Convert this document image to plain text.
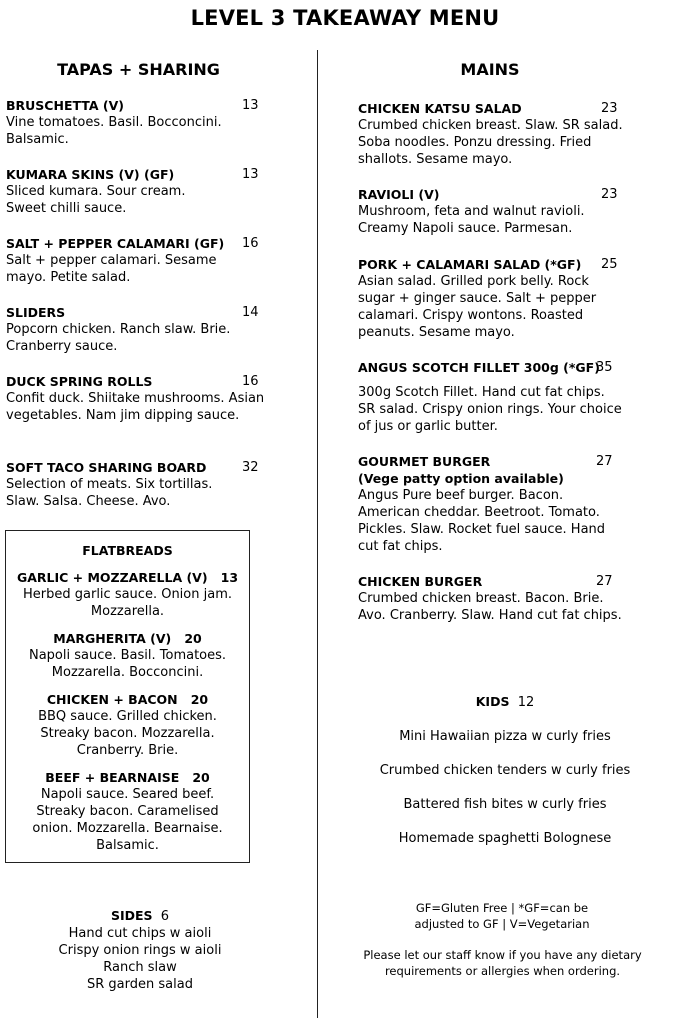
LEVEL 3 TAKEAWAY MENU
TAPAS + SHARING
BRUSCHETTA (V)	13
Vine tomatoes. Basil. Bocconcini. Balsamic.
KUMARA SKINS (V) (GF)	13
Sliced kumara. Sour cream. Sweet chilli sauce.
SALT + PEPPER CALAMARI (GF)	16
Salt + pepper calamari. Sesame mayo. Petite salad.
SLIDERS	14
Popcorn chicken. Ranch slaw. Brie. Cranberry sauce.
DUCK SPRING ROLLS	16
Confit duck. Shiitake mushrooms. Asian vegetables. Nam jim dipping sauce.
SOFT TACO SHARING BOARD	32
Selection of meats. Six tortillas. Slaw. Salsa. Cheese. Avo.
FLATBREADS
GARLIC + MOZZARELLA (V) 13
Herbed garlic sauce. Onion jam. Mozzarella.
MARGHERITA (V) 20
Napoli sauce. Basil. Tomatoes. Mozzarella. Bocconcini.
CHICKEN + BACON 20
BBQ sauce. Grilled chicken. Streaky bacon. Mozzarella. Cranberry. Brie.
BEEF + BEARNAISE 20
Napoli sauce. Seared beef. Streaky bacon. Caramelised onion. Mozzarella. Bearnaise. Balsamic.
SIDES 6
Hand cut chips w aioli
Crispy onion rings w aioli
Ranch slaw
SR garden salad
MAINS
CHICKEN KATSU SALAD	23
Crumbed chicken breast. Slaw. SR salad. Soba noodles. Ponzu dressing. Fried shallots. Sesame mayo.
RAVIOLI (V)	23
Mushroom, feta and walnut ravioli. Creamy Napoli sauce. Parmesan.
PORK + CALAMARI SALAD (*GF)	25
Asian salad. Grilled pork belly. Rock sugar + ginger sauce. Salt + pepper calamari. Crispy wontons. Roasted peanuts. Sesame mayo.
ANGUS SCOTCH FILLET 300g (*GF)
35
300g Scotch Fillet. Hand cut fat chips. SR salad. Crispy onion rings. Your choice of jus or garlic butter.
GOURMET BURGER	27
(Vege patty option available)
Angus Pure beef burger. Bacon. American cheddar. Beetroot. Tomato. Pickles. Slaw. Rocket fuel sauce. Hand cut fat chips.
CHICKEN BURGER	27
Crumbed chicken breast. Bacon. Brie. Avo. Cranberry. Slaw. Hand cut fat chips.
KIDS 12
Mini Hawaiian pizza w curly fries
Crumbed chicken tenders w curly fries
Battered fish bites w curly fries
Homemade spaghetti Bolognese
GF=Gluten Free | *GF=can be adjusted to GF | V=Vegetarian
Please let our staff know if you have any dietary requirements or allergies when ordering.
